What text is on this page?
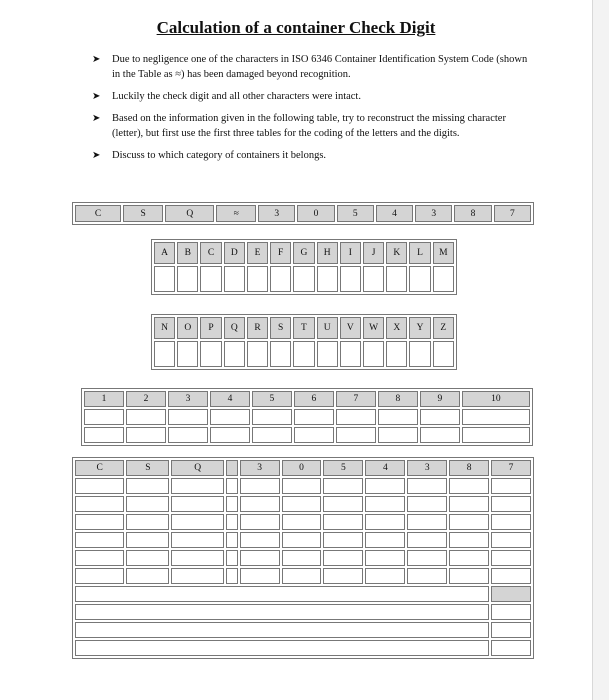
Calculation of a container Check Digit
➤ Due to negligence one of the characters in ISO 6346 Container Identification System Code (shown in the Table as ≈) has been damaged beyond recognition.
➤ Luckily the check digit and all other characters were intact.
➤ Based on the information given in the following table, try to reconstruct the missing character (letter), but first use the first three tables for the coding of the letters and the digits.
➤ Discuss to which category of containers it belongs.
C	S	Q	≈	3	0	5	4	3	8	7
A	B	C	D	E	F	G	H	I	J	K	L	M

N	O	P	Q	R	S	T	U	V	W	X	Y	Z

1	2	3	4	5	6	7	8	9	10

C	S	Q		3	0	5	4	3	8	7
